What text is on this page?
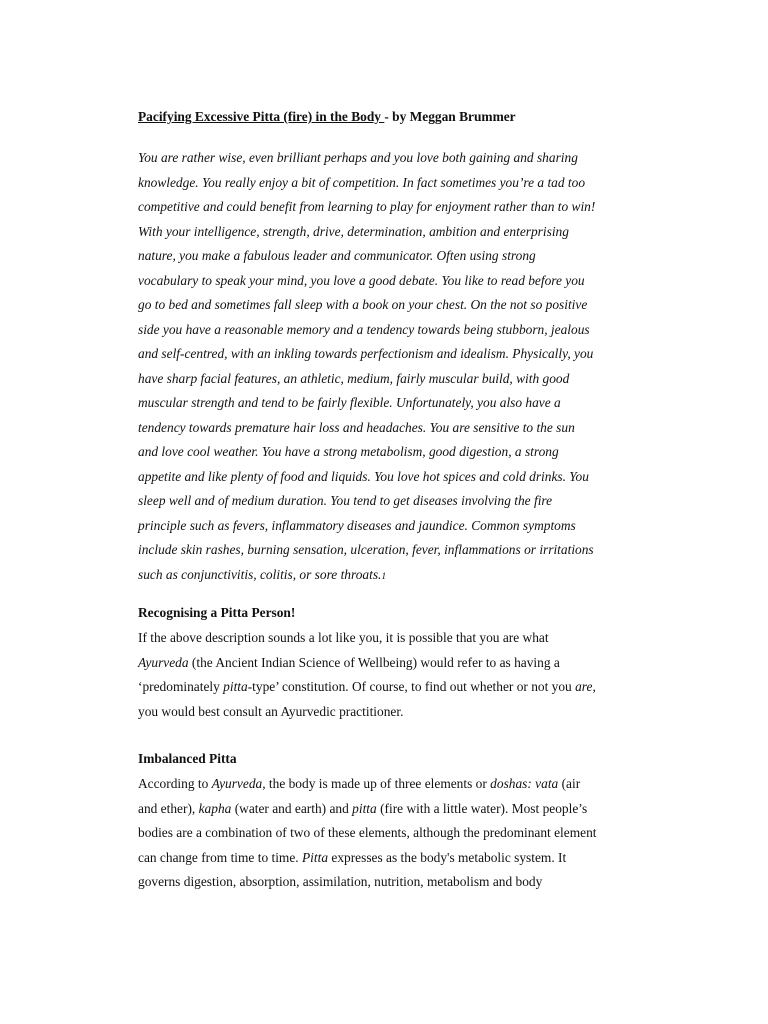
Pacifying Excessive Pitta (fire) in the Body - by Meggan Brummer
You are rather wise, even brilliant perhaps and you love both gaining and sharing
knowledge. You really enjoy a bit of competition. In fact sometimes you’re a tad too
competitive and could benefit from learning to play for enjoyment rather than to win!
With your intelligence, strength, drive, determination, ambition and enterprising
nature, you make a fabulous leader and communicator. Often using strong
vocabulary to speak your mind, you love a good debate. You like to read before you
go to bed and sometimes fall sleep with a book on your chest. On the not so positive
side you have a reasonable memory and a tendency towards being stubborn, jealous
and self-centred, with an inkling towards perfectionism and idealism. Physically, you
have sharp facial features, an athletic, medium, fairly muscular build, with good
muscular strength and tend to be fairly flexible. Unfortunately, you also have a
tendency towards premature hair loss and headaches. You are sensitive to the sun
and love cool weather. You have a strong metabolism, good digestion, a strong
appetite and like plenty of food and liquids. You love hot spices and cold drinks. You
sleep well and of medium duration. You tend to get diseases involving the fire
principle such as fevers, inflammatory diseases and jaundice. Common symptoms
include skin rashes, burning sensation, ulceration, fever, inflammations or irritations
such as conjunctivitis, colitis, or sore throats.1
Recognising a Pitta Person!
If the above description sounds a lot like you, it is possible that you are what
Ayurveda (the Ancient Indian Science of Wellbeing) would refer to as having a
‘predominately pitta-type’ constitution. Of course, to find out whether or not you are,
you would best consult an Ayurvedic practitioner.
Imbalanced Pitta
According to Ayurveda, the body is made up of three elements or doshas: vata (air
and ether), kapha (water and earth) and pitta (fire with a little water). Most people’s
bodies are a combination of two of these elements, although the predominant element
can change from time to time. Pitta expresses as the body's metabolic system. It
governs digestion, absorption, assimilation, nutrition, metabolism and body
